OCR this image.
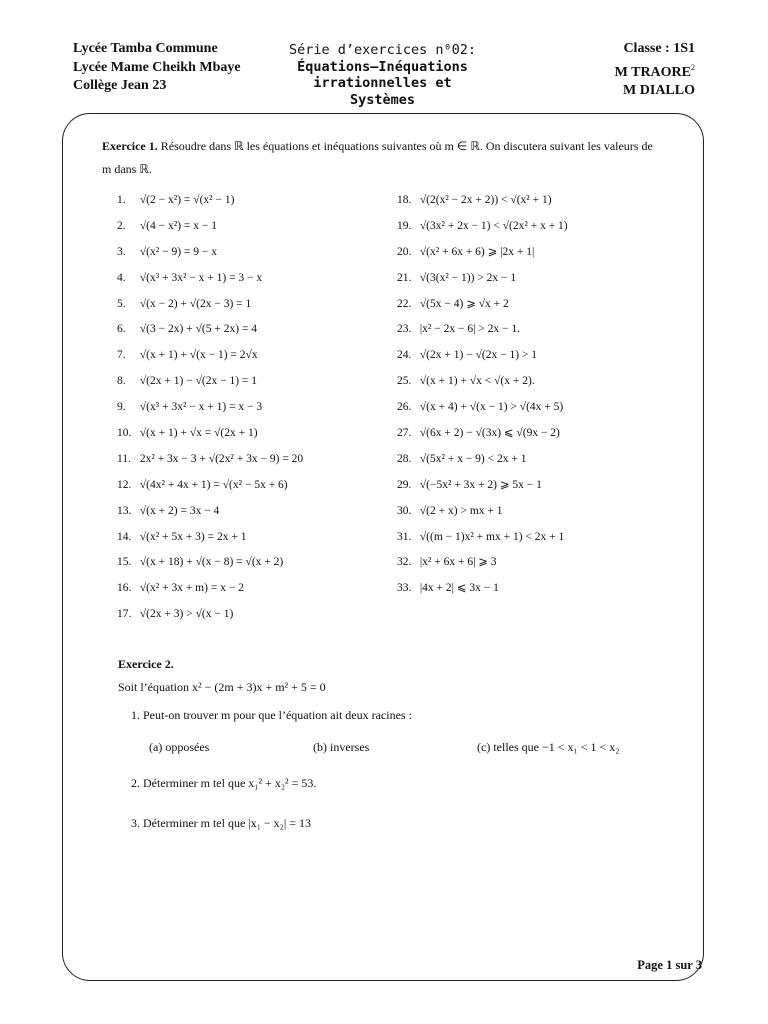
Lycée Tamba Commune
Lycée Mame Cheikh Mbaye
Collège Jean 23
Série d’exercices n⁰02:
Équations–Inéquations
irrationnelles et
Systèmes
Classe : 1S1
M TRAORE$^2$
M DIALLO
Exercice 1. Résoudre dans ℝ les équations et inéquations suivantes où m ∈ ℝ. On discutera suivant les valeurs de m dans ℝ.
1. √(2 − x²) = √(x² − 1)
2. √(4 − x²) = x − 1
3. √(x² − 9) = 9 − x
4. √(x³ + 3x² − x + 1) = 3 − x
5. √(x − 2) + √(2x − 3) = 1
6. √(3 − 2x) + √(5 + 2x) = 4
7. √(x + 1) + √(x − 1) = 2√x
8. √(2x + 1) − √(2x − 1) = 1
9. √(x³ + 3x² − x + 1) = x − 3
10. √(x + 1) + √x = √(2x + 1)
11. 2x² + 3x − 3 + √(2x² + 3x − 9) = 20
12. √(4x² + 4x + 1) = √(x² − 5x + 6)
13. √(x + 2) = 3x − 4
14. √(x² + 5x + 3) = 2x + 1
15. √(x + 18) + √(x − 8) = √(x + 2)
16. √(x² + 3x + m) = x − 2
17. √(2x + 3) > √(x − 1)
18. √(2(x² − 2x + 2)) < √(x² + 1)
19. √(3x² + 2x − 1) < √(2x² + x + 1)
20. √(x² + 6x + 6) ⩾ |2x + 1|
21. √(3(x² − 1)) > 2x − 1
22. √(5x − 4) ⩾ √x + 2
23. |x² − 2x − 6| > 2x − 1.
24. √(2x + 1) − √(2x − 1) > 1
25. √(x + 1) + √x < √(x + 2).
26. √(x + 4) + √(x − 1) > √(4x + 5)
27. √(6x + 2) − √(3x) ⩽ √(9x − 2)
28. √(5x² + x − 9) < 2x + 1
29. √(−5x² + 3x + 2) ⩾ 5x − 1
30. √(2 + x) > mx + 1
31. √((m − 1)x² + mx + 1) < 2x + 1
32. |x² + 6x + 6| ⩾ 3
33. |4x + 2| ⩽ 3x − 1
Exercice 2.
Soit l’équation x² − (2m + 3)x + m² + 5 = 0
1. Peut-on trouver m pour que l’équation ait deux racines :
(a) opposées	(b) inverses	(c) telles que −1 < x₁ < 1 < x₂
2. Déterminer m tel que x₁² + x₂² = 53.
3. Déterminer m tel que |x₁ − x₂| = 13
Page 1 sur 3
